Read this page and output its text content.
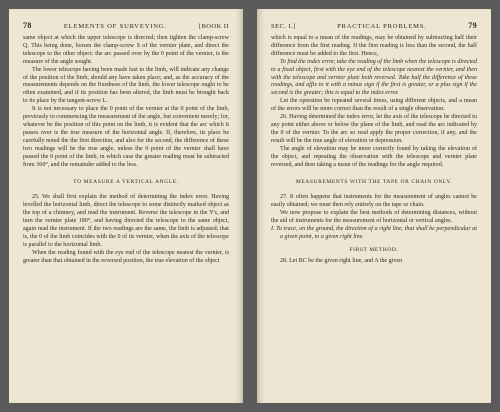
78	ELEMENTS OF SURVEYING.	[BOOK II

same object at which the upper telescope is directed; then tighten the clamp-screw Q. This being done, loosen the clamp-screw S of the vernier plate, and direct the telescope to the other object: the arc passed over by the 0 point of the vernier, is the measure of the angle sought.

The lower telescope having been made fast to the limb, will indicate any change of the position of the limb, should any have taken place; and, as the accuracy of the measurements depends on the fixedness of the limb, the lower telescope ought to be often examined, and if its position has been altered, the limb must be brought back to its place by the tangent-screw L.

It is not necessary to place the 0 point of the vernier at the 0 point of the limb, previously to commencing the measurement of the angle, but convenient merely; for, whatever be the position of this point on the limb, it is evident that the arc which it passes over is the true measure of the horizontal angle. If, therefore, its place be carefully noted the the first direction, and also for the second, the difference of these two readings will be the true angle, unless the 0 point of the vernier shall have passed the 0 point of the limb, in which case the greater reading must be subtracted from 360°, and the remainder added to the less.

TO MEASURE A VERTICAL ANGLE.

25. We shall first explain the method of determining the index error. Having levelled the horizontal limb, direct the telescope to some distinctly marked object as the top of a chimney, and read the instrument. Reverse the telescope in the Y's, and turn the vernier plate 180°, and having directed the telescope to the same object, again read the instrument. If the two readings are the same, the limb is adjusted; that is, the 0 of the limb coincides with the 0 of its vernier, when the axis of the telescope is parallel to the horizontal limb.

When the reading found with the eye end of the telescope nearest the vernier, is greater than that obtained in the reversed position, the true elevation of the object

SEC. I.]	PRACTICAL PROBLEMS.	79

which is equal to a mean of the readings, may be obtained by subtracting half their difference from the first reading. If the first reading is less than the second, the half difference must be added to the first. Hence,

To find the index error, take the reading of the limb when the telescope is directed to a fixed object, first with the eye end of the telescope nearest the vernier, and then with the telescope and vernier plate both reversed. Take half the difference of these readings, and affix to it with a minus sign if the first is greater, or a plus sign if the second is the greater; this is equal to the index error.

Let the operation be repeated several times, using different objects, and a mean of the errors will be more correct than the result of a single observation.

26. Having determined the index error, let the axis of the telescope be directed to any point either above or below the plane of the limb, and read the arc indicated by the 0 of the vernier. To the arc so read apply the proper correction, if any, and the result will be the true angle of elevation or depression.

The angle of elevation may be more correctly found by taking the elevation of the object, and repeating the observation with the telescope and vernier plate reversed, and then taking a mean of the readings for the angle required.

MEASUREMENTS WITH THE TAPE OR CHAIN ONLY.

27. It often happens that instruments for the measurement of angles cannot be easily obtained; we must then rely entirely on the tape or chain.

We now propose to explain the best methods of determining distances, without the aid of instruments for the measurement of horizontal or vertical angles.

I. To trace, on the ground, the direction of a right line, that shall be perpendicular at a given point, to a given right line.

FIRST METHOD.

28. Let BC be the given right line, and A the given
